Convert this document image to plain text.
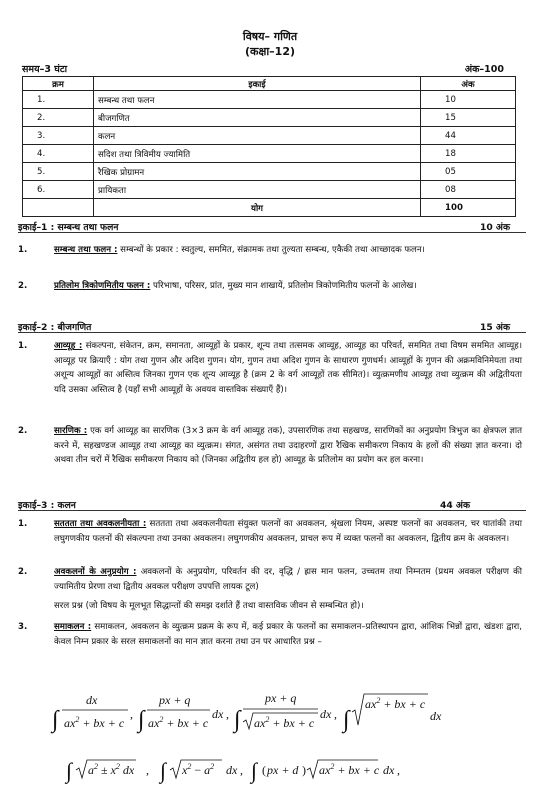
विषय– गणित
(कक्षा–12)
समय–3 घंटा	अंक–100
क्रम	इकाई	अंक
1.	सम्बन्ध तथा फलन	10
2.	बीजगणित	15
3.	कलन	44
4.	सदिश तथा त्रिविमीय ज्यामिति	18
5.	रैखिक प्रोग्रामन	05
6.	प्रायिकता	08
	योग	100
इकाई–1 : सम्बन्ध तथा फलन	10 अंक
1.	सम्बन्ध तथा फलन : सम्बन्धों के प्रकार : स्वतुल्य, सममित, संक्रामक तथा तुल्यता सम्बन्ध, एकैकी तथा आच्छादक फलन।
2.	प्रतिलोम त्रिकोणमितीय फलन : परिभाषा, परिसर, प्रांत, मुख्य मान शाखायें, प्रतिलोम त्रिकोणमितीय फलनों के आलेख।
इकाई–2 : बीजगणित	15 अंक
1.	आव्यूह : संकल्पना, संकेतन, क्रम, समानता, आव्यूहों के प्रकार, शून्य तथा तत्समक आव्यूह, आव्यूह का परिवर्त, सममित तथा विषम सममित आव्यूह। आव्यूह पर क्रियाएँ : योग तथा गुणन और अदिश गुणन। योग, गुणन तथा अदिश गुणन के साधारण गुणधर्म। आव्यूहों के गुणन की अक्रमविनिमेयता तथा अशून्य आव्यूहों का अस्तित्व जिनका गुणन एक शून्य आव्यूह है (क्रम 2 के वर्ग आव्यूहों तक सीमित)। व्युत्क्रमणीय आव्यूह तथा व्युत्क्रम की अद्वितीयता यदि उसका अस्तित्व है (यहाँ सभी आव्यूहों के अवयव वास्तविक संख्याएँ हैं)।
2.	सारणिक : एक वर्ग आव्यूह का सारणिक (3×3 क्रम के वर्ग आव्यूह तक), उपसारणिक तथा सहखण्ड, सारणिकों का अनुप्रयोग त्रिभुज का क्षेत्रफल ज्ञात करने में, सहखण्डज आव्यूह तथा आव्यूह का व्युत्क्रम। संगत, असंगत तथा उदाहरणों द्वारा रैखिक समीकरण निकाय के हलों की संख्या ज्ञात करना। दो अथवा तीन चरों में रैखिक समीकरण निकाय को (जिनका अद्वितीय हल हो) आव्यूह के प्रतिलोम का प्रयोग कर हल करना।
इकाई–3 : कलन	44 अंक
1.	सततता तथा अवकलनीयता : सततता तथा अवकलनीयता संयुक्त फलनों का अवकलन, श्रृंखला नियम, अस्पष्ट फलनों का अवकलन, चर घातांकी तथा लघुगणकीय फलनों की संकल्पना तथा उनका अवकलन। लघुगणकीय अवकलन, प्राचल रूप में व्यक्त फलनों का अवकलन, द्वितीय क्रम के अवकलन।
2.	अवकलनों के अनुप्रयोग : अवकलनों के अनुप्रयोग, परिवर्तन की दर, वृद्धि / ह्रास मान फलन, उच्चतम तथा निम्नतम (प्रथम अवकल परीक्षण की ज्यामितीय प्रेरणा तथा द्वितीय अवकल परीक्षण उपपत्ति लायक टूल)
सरल प्रश्न (जो विषय के मूलभूत सिद्धान्तों की समझ दर्शाते हैं तथा वास्तविक जीवन से सम्बन्धित हो)।
3.	समाकलन : समाकलन, अवकलन के व्युत्क्रम प्रक्रम के रूप में, कई प्रकार के फलनों का समाकलन–प्रतिस्थापन द्वारा, आंशिक भिन्नों द्वारा, खंडशः द्वारा, केवल निम्न प्रकार के सरल समाकलनों का मान ज्ञात करना तथा उन पर आधारित प्रश्न –
∫
dx
$ax^2$ + bx + c
, ∫
px + q
$ax^2$ + bx + c
dx , ∫
px + q
$ax^2$ + bx + c
dx , ∫
$ax^2$ + bx + c
dx
∫ $a^2 \pm x^2$ dx , ∫ $x^2 - a^2$ dx , ∫ ( px + d ) $ax^2$ + bx + c dx ,
